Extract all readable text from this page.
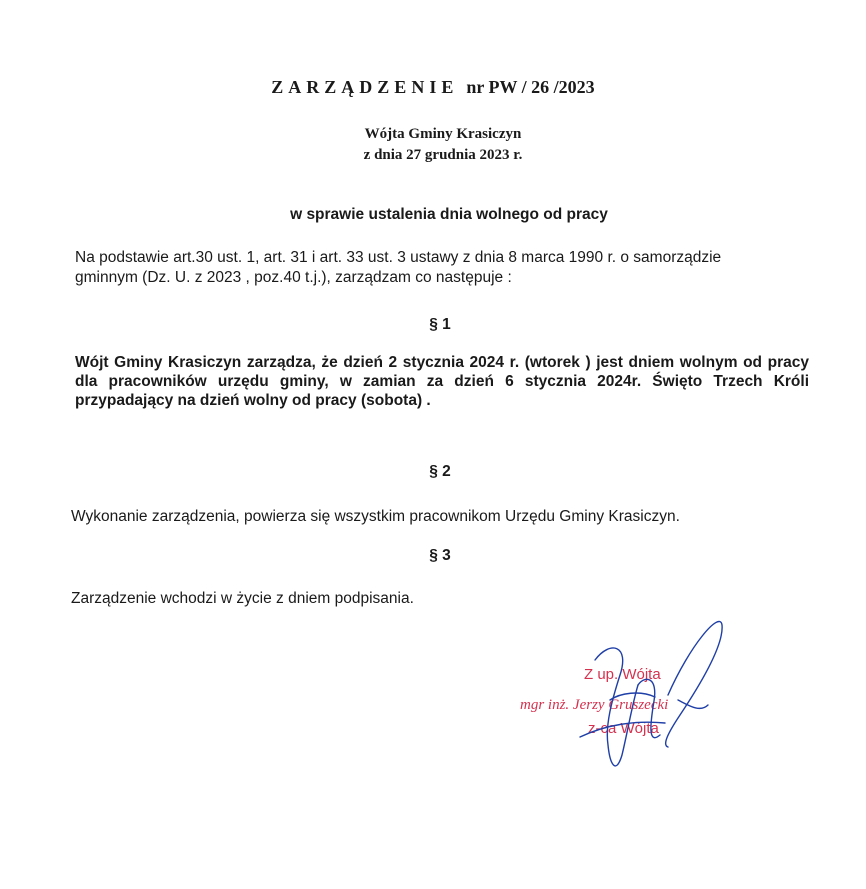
ZARZĄDZENIE nr PW / 26 /2023
Wójta Gminy Krasiczyn
z dnia 27 grudnia 2023 r.
w sprawie ustalenia dnia wolnego od pracy
Na podstawie art.30 ust. 1, art. 31 i art. 33 ust. 3 ustawy z dnia 8 marca 1990 r. o samorządzie gminnym (Dz. U. z 2023 , poz.40 t.j.), zarządzam co następuje :
§ 1
Wójt Gminy Krasiczyn zarządza, że dzień 2 stycznia 2024 r. (wtorek ) jest dniem wolnym od pracy dla pracowników urzędu gminy, w zamian za dzień 6 stycznia 2024r. Święto Trzech Króli przypadający na dzień wolny od pracy (sobota) .
§ 2
Wykonanie zarządzenia, powierza się wszystkim pracownikom Urzędu Gminy Krasiczyn.
§ 3
Zarządzenie wchodzi w życie z dniem podpisania.
Z up. Wójta
mgr inż. Jerzy Gruszecki
z-ca Wójta
